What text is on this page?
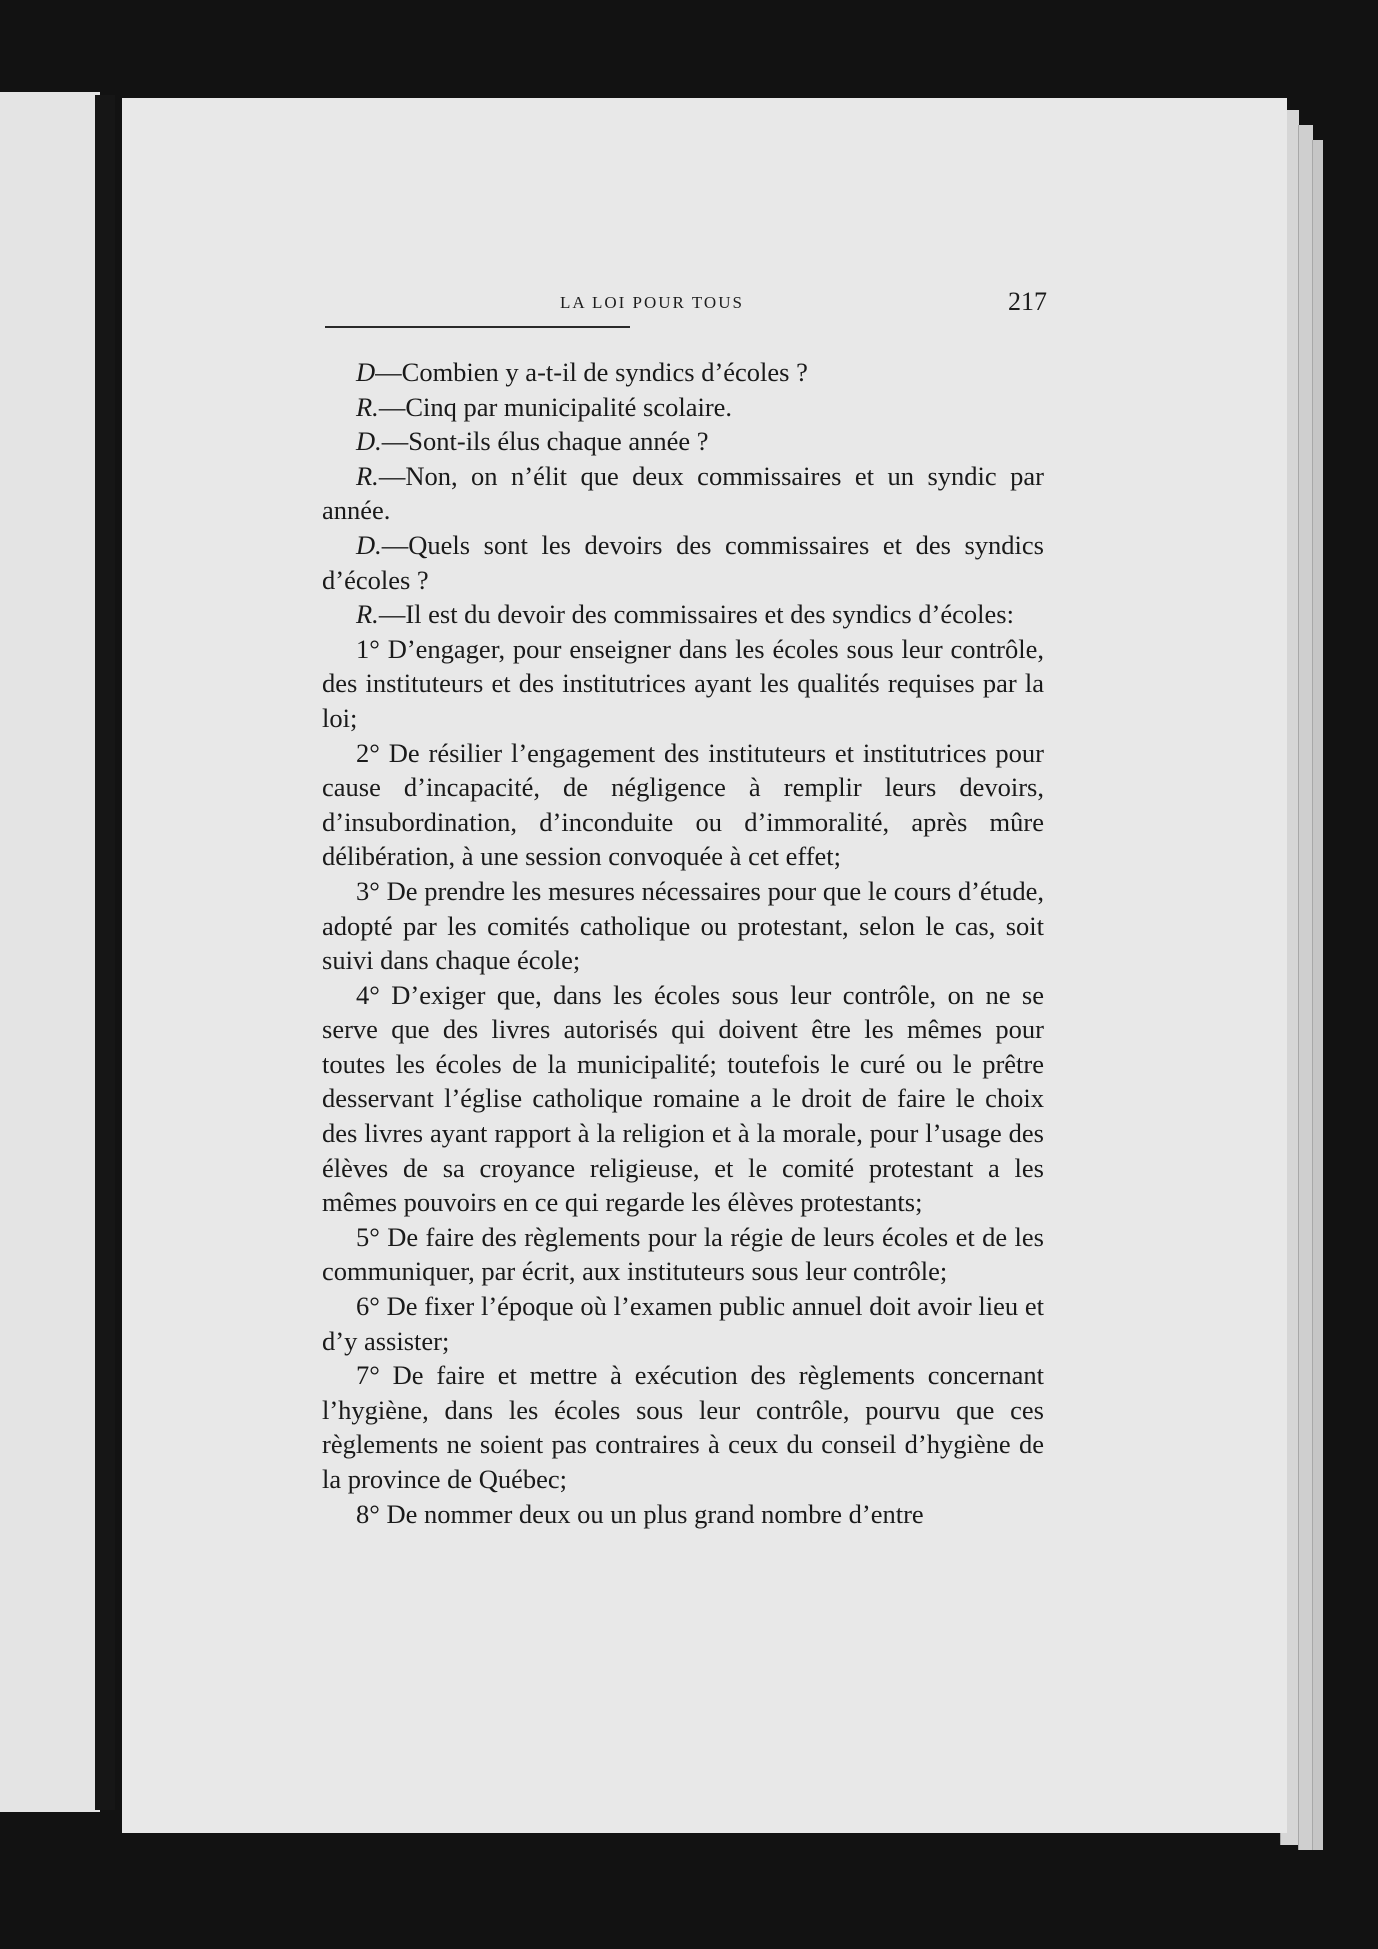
LA LOI POUR TOUS	217

D—Combien y a-t-il de syndics d’écoles ?

R.—Cinq par municipalité scolaire.

D.—Sont-ils élus chaque année ?

R.—Non, on n’élit que deux commissaires et un syndic par année.

D.—Quels sont les devoirs des commissaires et des syndics d’écoles ?

R.—Il est du devoir des commissaires et des syndics d’écoles:

1° D’engager, pour enseigner dans les écoles sous leur contrôle, des instituteurs et des institutrices ayant les qualités requises par la loi;

2° De résilier l’engagement des instituteurs et institutrices pour cause d’incapacité, de négligence à remplir leurs devoirs, d’insubordination, d’inconduite ou d’immoralité, après mûre délibération, à une session convoquée à cet effet;

3° De prendre les mesures nécessaires pour que le cours d’étude, adopté par les comités catholique ou protestant, selon le cas, soit suivi dans chaque école;

4° D’exiger que, dans les écoles sous leur contrôle, on ne se serve que des livres autorisés qui doivent être les mêmes pour toutes les écoles de la municipalité; toutefois le curé ou le prêtre desservant l’église catholique romaine a le droit de faire le choix des livres ayant rapport à la religion et à la morale, pour l’usage des élèves de sa croyance religieuse, et le comité protestant a les mêmes pouvoirs en ce qui regarde les élèves protestants;

5° De faire des règlements pour la régie de leurs écoles et de les communiquer, par écrit, aux instituteurs sous leur contrôle;

6° De fixer l’époque où l’examen public annuel doit avoir lieu et d’y assister;

7° De faire et mettre à exécution des règlements concernant l’hygiène, dans les écoles sous leur contrôle, pourvu que ces règlements ne soient pas contraires à ceux du conseil d’hygiène de la province de Québec;

8° De nommer deux ou un plus grand nombre d’entre
